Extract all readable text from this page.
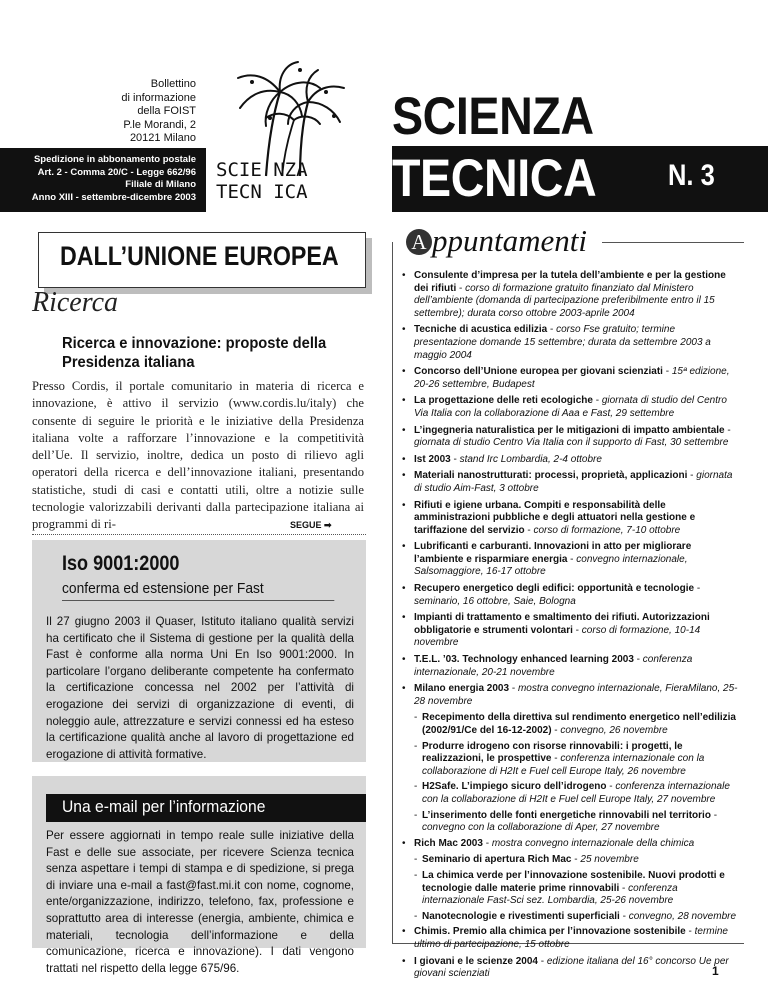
Bollettino
di informazione
della FOIST
P.le Morandi, 2
20121 Milano
Spedizione in abbonamento postale
Art. 2 - Comma 20/C - Legge 662/96
Filiale di Milano
Anno XIII - settembre-dicembre 2003
SCIE NZA
TECN ICA
SCIENZA
TECNICA N. 3
DALL’UNIONE EUROPEA
Ricerca
Ricerca e innovazione: proposte della Presidenza italiana
Presso Cordis, il portale comunitario in materia di ricerca e innovazione, è attivo il servizio (www.cordis.lu/italy) che consente di seguire le priorità e le iniziative della Presidenza italiana volte a rafforzare l’innovazione e la competitività dell’Ue. Il servizio, inoltre, dedica un posto di rilievo agli operatori della ricerca e dell’innovazione italiani, presentando statistiche, studi di casi e contatti utili, oltre a notizie sulle tecnologie valorizzabili derivanti dalla partecipazione italiana ai programmi di ri-	SEGUE ➡
Iso 9001:2000
conferma ed estensione per Fast
Il 27 giugno 2003 il Quaser, Istituto italiano qualità servizi ha certificato che il Sistema di gestione per la qualità della Fast è conforme alla norma Uni En Iso 9001:2000. In particolare l’organo deliberante competente ha confermato la certificazione concessa nel 2002 per l’attività di erogazione dei servizi di organizzazione di eventi, di noleggio aule, attrezzature e servizi connessi ed ha esteso la certificazione qualità anche al lavoro di progettazione ed erogazione di attività formative.
Una e-mail per l’informazione
Per essere aggiornati in tempo reale sulle iniziative della Fast e delle sue associate, per ricevere Scienza tecnica senza aspettare i tempi di stampa e di spedizione, si prega di inviare una e-mail a fast@fast.mi.it con nome, cognome, ente/organizzazione, indirizzo, telefono, fax, professione e soprattutto area di interesse (energia, ambiente, chimica e materiali, tecnologia dell’informazione e della comunicazione, ricerca e innovazione). I dati vengono trattati nel rispetto della legge 675/96.
A ppuntamenti
• Consulente d’impresa per la tutela dell’ambiente e per la gestione dei rifiuti - corso di formazione gratuito finanziato dal Ministero dell’ambiente (domanda di partecipazione preferibilmente entro il 15 settembre); durata corso ottobre 2003-aprile 2004
• Tecniche di acustica edilizia - corso Fse gratuito; termine presentazione domande 15 settembre; durata da settembre 2003 a maggio 2004
• Concorso dell’Unione europea per giovani scienziati - 15ª edizione, 20-26 settembre, Budapest
• La progettazione delle reti ecologiche - giornata di studio del Centro Via Italia con la collaborazione di Aaa e Fast, 29 settembre
• L’ingegneria naturalistica per le mitigazioni di impatto ambientale - giornata di studio Centro Via Italia con il supporto di Fast, 30 settembre
• Ist 2003 - stand Irc Lombardia, 2-4 ottobre
• Materiali nanostrutturati: processi, proprietà, applicazioni - giornata di studio Aim-Fast, 3 ottobre
• Rifiuti e igiene urbana. Compiti e responsabilità delle amministrazioni pubbliche e degli attuatori nella gestione e tariffazione del servizio - corso di formazione, 7-10 ottobre
• Lubrificanti e carburanti. Innovazioni in atto per migliorare l’ambiente e risparmiare energia - convegno internazionale, Salsomaggiore, 16-17 ottobre
• Recupero energetico degli edifici: opportunità e tecnologie - seminario, 16 ottobre, Saie, Bologna
• Impianti di trattamento e smaltimento dei rifiuti. Autorizzazioni obbligatorie e strumenti volontari - corso di formazione, 10-14 novembre
• T.E.L. ’03. Technology enhanced learning 2003 - conferenza internazionale, 20-21 novembre
• Milano energia 2003 - mostra convegno internazionale, FieraMilano, 25-28 novembre
- Recepimento della direttiva sul rendimento energetico nell’edilizia (2002/91/Ce del 16-12-2002) - convegno, 26 novembre
- Produrre idrogeno con risorse rinnovabili: i progetti, le realizzazioni, le prospettive - conferenza internazionale con la collaborazione di H2It e Fuel cell Europe Italy, 26 novembre
- H2Safe. L’impiego sicuro dell’idrogeno - conferenza internazionale con la collaborazione di H2It e Fuel cell Europe Italy, 27 novembre
- L’inserimento delle fonti energetiche rinnovabili nel territorio - convegno con la collaborazione di Aper, 27 novembre
• Rich Mac 2003 - mostra convegno internazionale della chimica
- Seminario di apertura Rich Mac - 25 novembre
- La chimica verde per l’innovazione sostenibile. Nuovi prodotti e tecnologie dalle materie prime rinnovabili - conferenza internazionale Fast-Sci sez. Lombardia, 25-26 novembre
- Nanotecnologie e rivestimenti superficiali - convegno, 28 novembre
• Chimis. Premio alla chimica per l’innovazione sostenibile - termine ultimo di partecipazione, 15 ottobre
• I giovani e le scienze 2004 - edizione italiana del 16° concorso Ue per giovani scienziati	1
